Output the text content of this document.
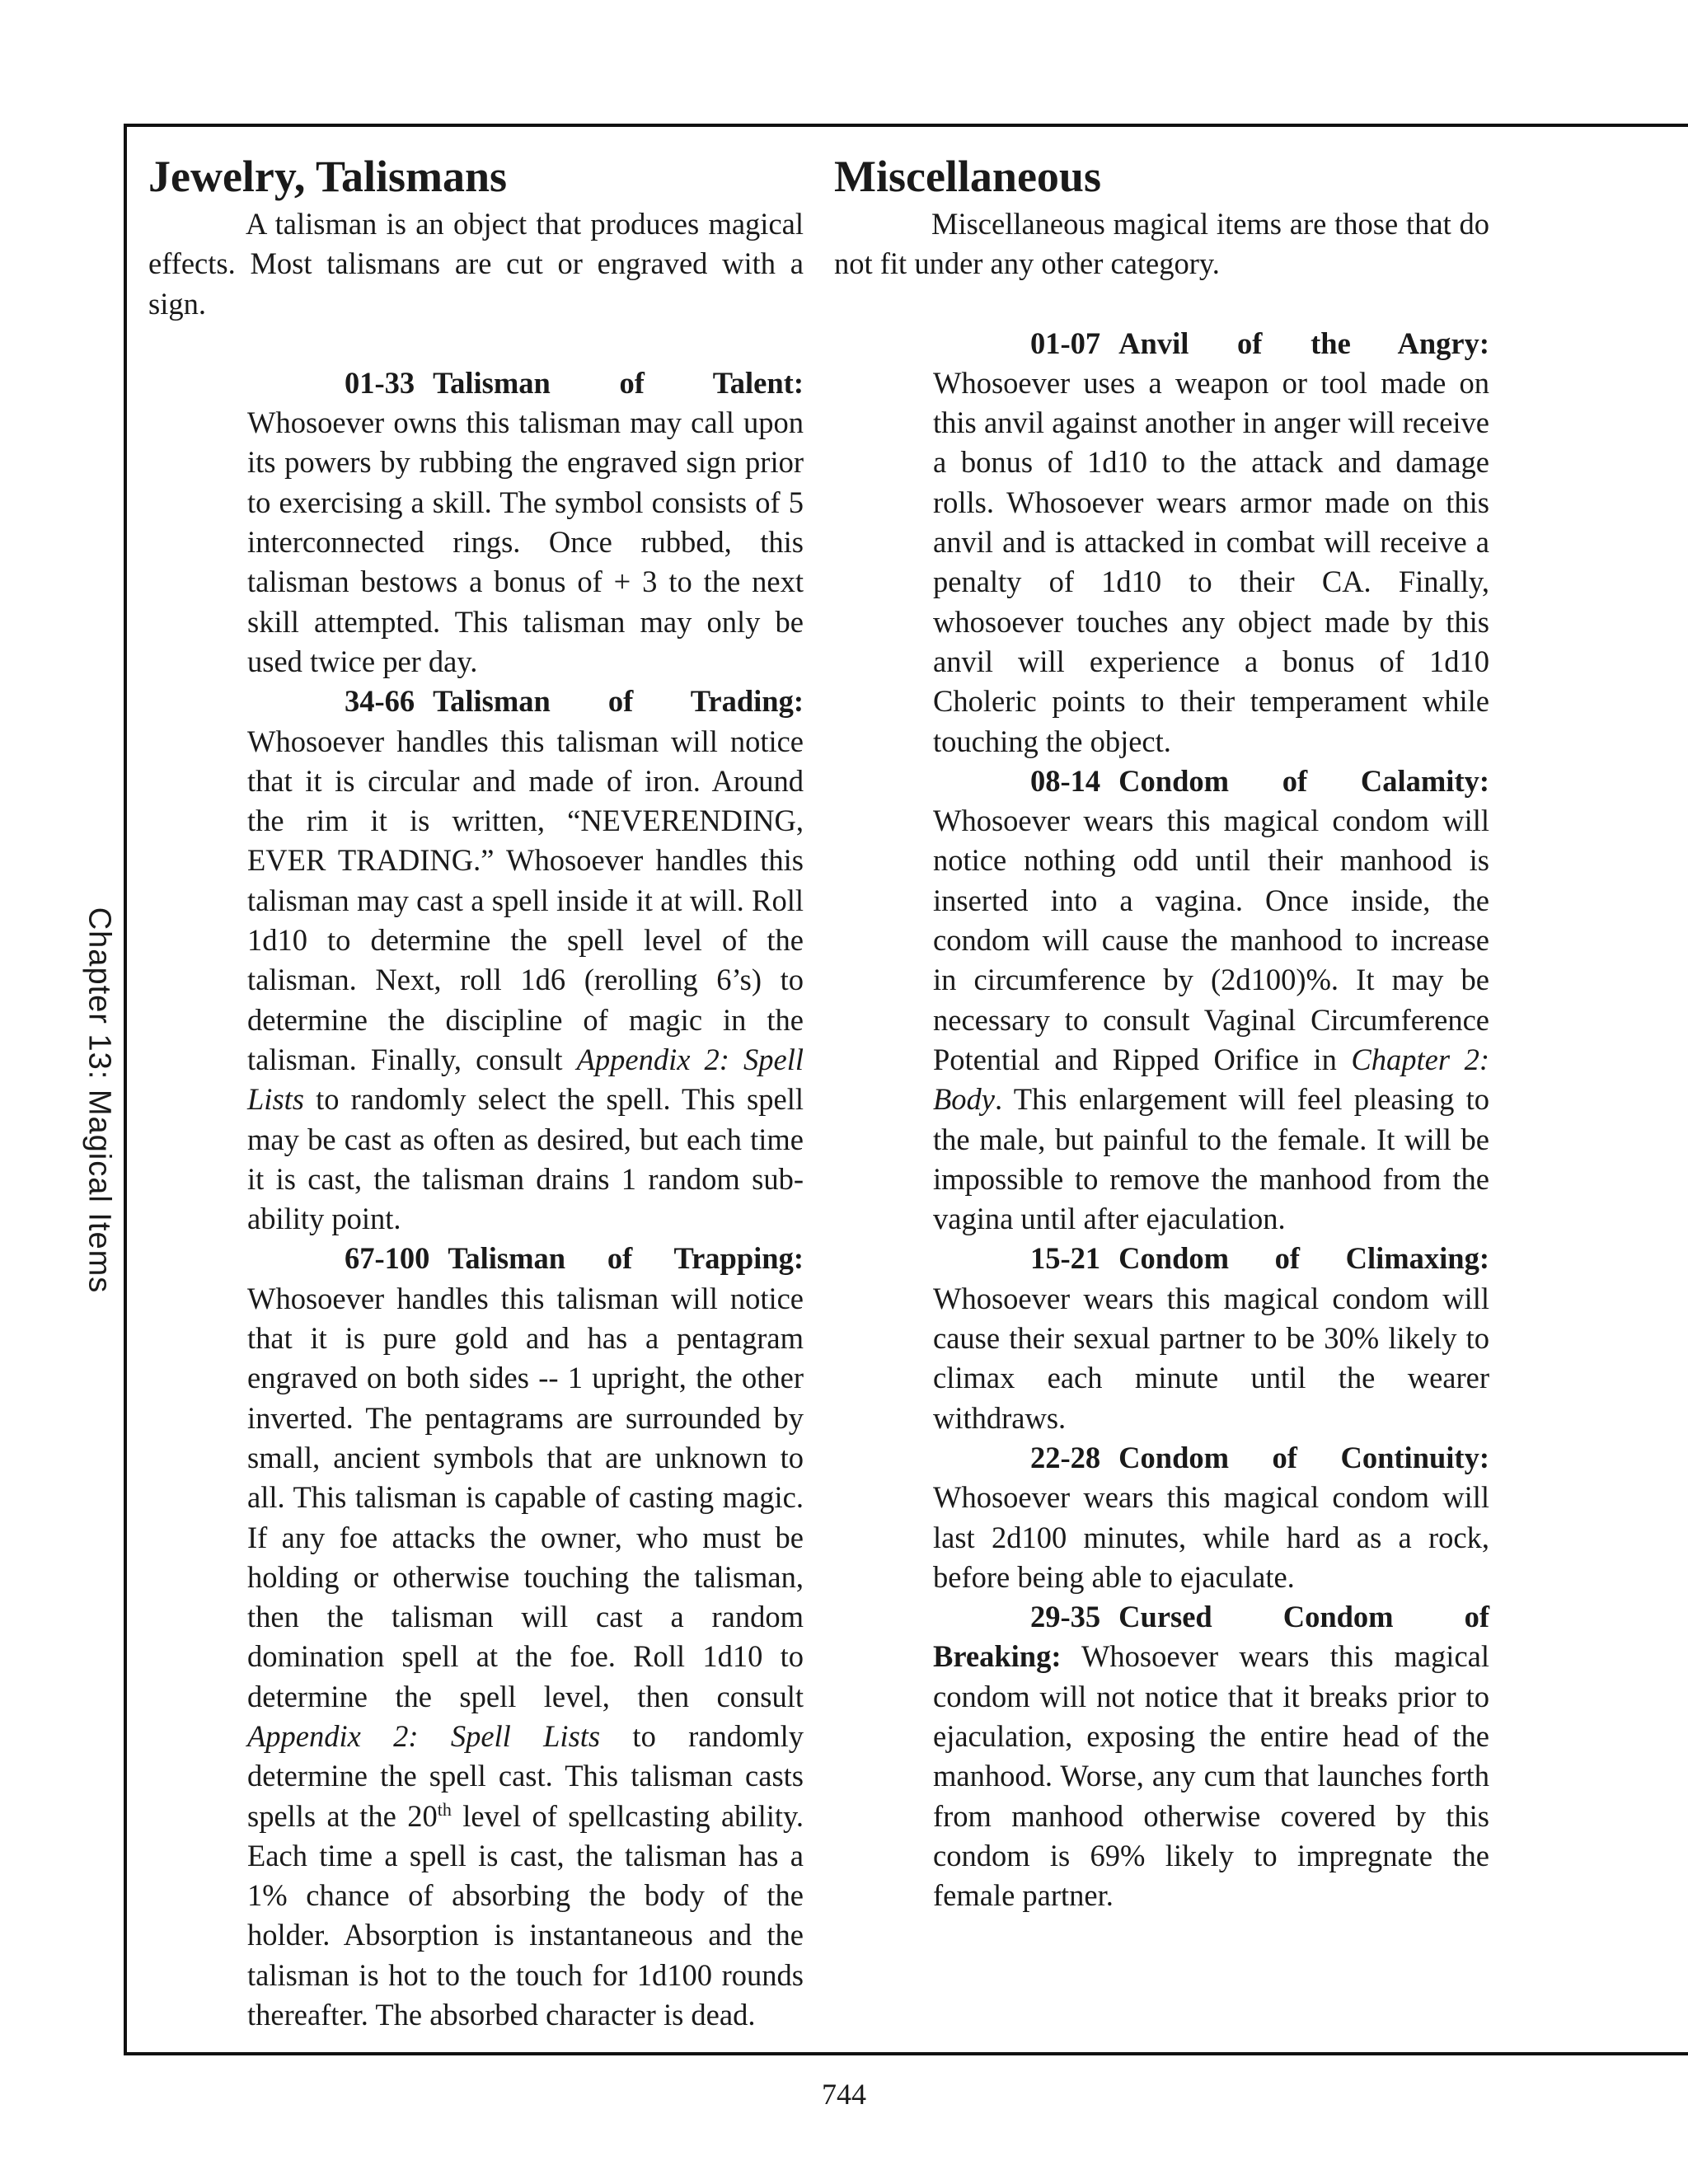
Chapter 13: Magical Items
Jewelry, Talismans

A talisman is an object that produces magical effects. Most talismans are cut or engraved with a sign.

01-33 Talisman of Talent: Whosoever owns this talisman may call upon its powers by rubbing the engraved sign prior to exercising a skill. The symbol consists of 5 interconnected rings. Once rubbed, this talisman bestows a bonus of + 3 to the next skill attempted. This talisman may only be used twice per day.

34-66 Talisman of Trading: Whosoever handles this talisman will notice that it is circular and made of iron. Around the rim it is written, “NEVERENDING, EVER TRADING.” Whosoever handles this talisman may cast a spell inside it at will. Roll 1d10 to determine the spell level of the talisman. Next, roll 1d6 (rerolling 6’s) to determine the discipline of magic in the talisman. Finally, consult Appendix 2: Spell Lists to randomly select the spell. This spell may be cast as often as desired, but each time it is cast, the talisman drains 1 random sub-ability point.

67-100 Talisman of Trapping: Whosoever handles this talisman will notice that it is pure gold and has a pentagram engraved on both sides -- 1 upright, the other inverted. The pentagrams are surrounded by small, ancient symbols that are unknown to all. This talisman is capable of casting magic. If any foe attacks the owner, who must be holding or otherwise touching the talisman, then the talisman will cast a random domination spell at the foe. Roll 1d10 to determine the spell level, then consult Appendix 2: Spell Lists to randomly determine the spell cast. This talisman casts spells at the 20th level of spellcasting ability. Each time a spell is cast, the talisman has a 1% chance of absorbing the body of the holder. Absorption is instantaneous and the talisman is hot to the touch for 1d100 rounds thereafter. The absorbed character is dead.

Miscellaneous

Miscellaneous magical items are those that do not fit under any other category.

01-07 Anvil of the Angry: Whosoever uses a weapon or tool made on this anvil against another in anger will receive a bonus of 1d10 to the attack and damage rolls. Whosoever wears armor made on this anvil and is attacked in combat will receive a penalty of 1d10 to their CA. Finally, whosoever touches any object made by this anvil will experience a bonus of 1d10 Choleric points to their temperament while touching the object.

08-14 Condom of Calamity: Whosoever wears this magical condom will notice nothing odd until their manhood is inserted into a vagina. Once inside, the condom will cause the manhood to increase in circumference by (2d100)%. It may be necessary to consult Vaginal Circumference Potential and Ripped Orifice in Chapter 2: Body. This enlargement will feel pleasing to the male, but painful to the female. It will be impossible to remove the manhood from the vagina until after ejaculation.

15-21 Condom of Climaxing: Whosoever wears this magical condom will cause their sexual partner to be 30% likely to climax each minute until the wearer withdraws.

22-28 Condom of Continuity: Whosoever wears this magical condom will last 2d100 minutes, while hard as a rock, before being able to ejaculate.

29-35 Cursed Condom of Breaking: Whosoever wears this magical condom will not notice that it breaks prior to ejaculation, exposing the entire head of the manhood. Worse, any cum that launches forth from manhood otherwise covered by this condom is 69% likely to impregnate the female partner.

744
